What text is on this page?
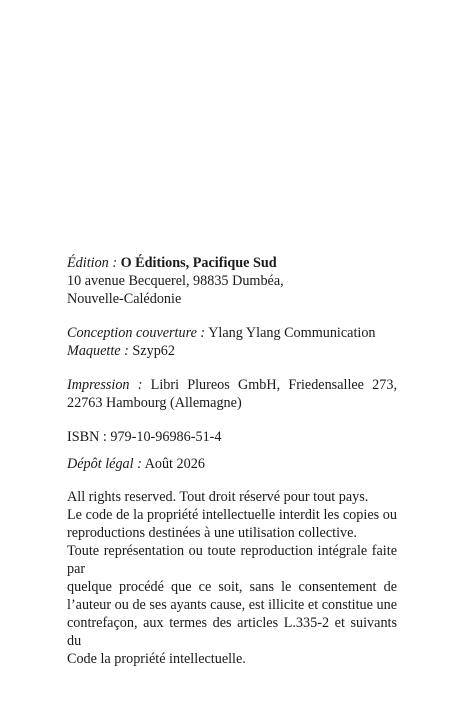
Édition : O Éditions, Pacifique Sud
10 avenue Becquerel, 98835 Dumbéa,
Nouvelle-Calédonie
Conception couverture : Ylang Ylang Communication
Maquette : Szyp62
Impression : Libri Plureos GmbH, Friedensallee 273,
22763 Hambourg (Allemagne)
ISBN : 979-10-96986-51-4
Dépôt légal : Août 2026
All rights reserved. Tout droit réservé pour tout pays.
Le code de la propriété intellectuelle interdit les copies ou
reproductions destinées à une utilisation collective.
Toute représentation ou toute reproduction intégrale faite par
quelque procédé que ce soit, sans le consentement de
l’auteur ou de ses ayants cause, est illicite et constitue une
contrefaçon, aux termes des articles L.335-2 et suivants du
Code la propriété intellectuelle.
